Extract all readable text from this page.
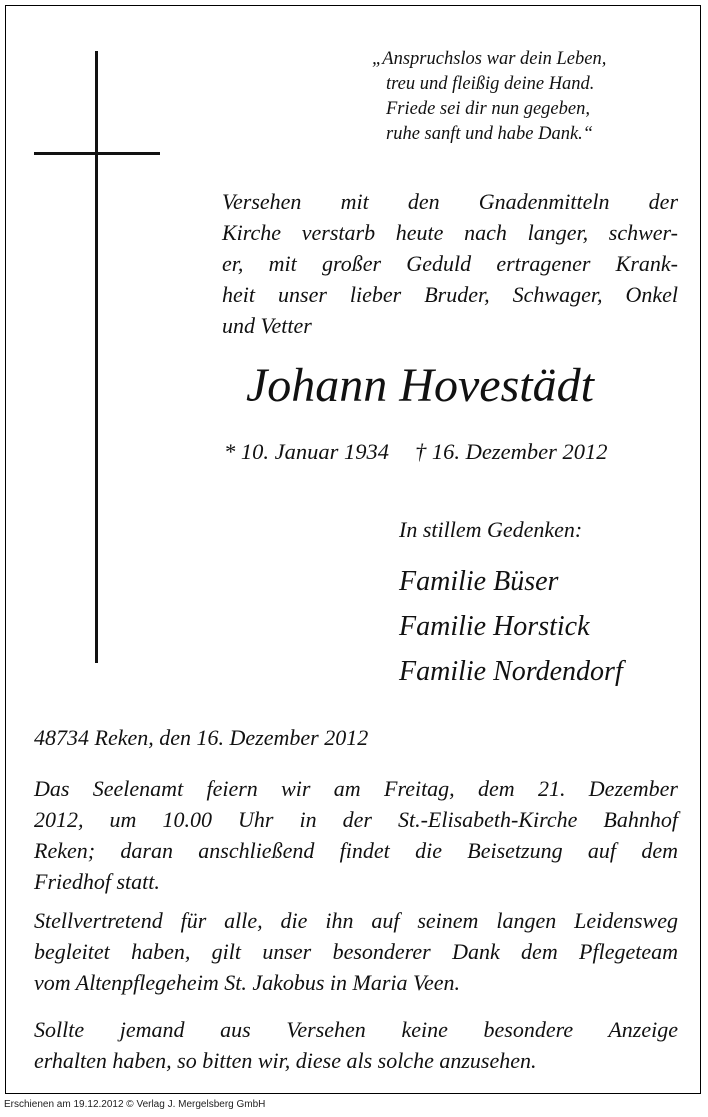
„Anspruchslos war dein Leben,
treu und fleißig deine Hand.
Friede sei dir nun gegeben,
ruhe sanft und habe Dank.“
Versehen mit den Gnadenmitteln der
Kirche verstarb heute nach langer, schwer-
er, mit großer Geduld ertragener Krank-
heit unser lieber Bruder, Schwager, Onkel
und Vetter
Johann Hovestädt
* 10. Januar 1934 † 16. Dezember 2012
In stillem Gedenken:
Familie Büser
Familie Horstick
Familie Nordendorf
48734 Reken, den 16. Dezember 2012
Das Seelenamt feiern wir am Freitag, dem 21. Dezember
2012, um 10.00 Uhr in der St.-Elisabeth-Kirche Bahnhof
Reken; daran anschließend findet die Beisetzung auf dem
Friedhof statt.
Stellvertretend für alle, die ihn auf seinem langen Leidensweg
begleitet haben, gilt unser besonderer Dank dem Pflegeteam
vom Altenpflegeheim St. Jakobus in Maria Veen.
Sollte jemand aus Versehen keine besondere Anzeige
erhalten haben, so bitten wir, diese als solche anzusehen.
Erschienen am 19.12.2012 © Verlag J. Mergelsberg GmbH
